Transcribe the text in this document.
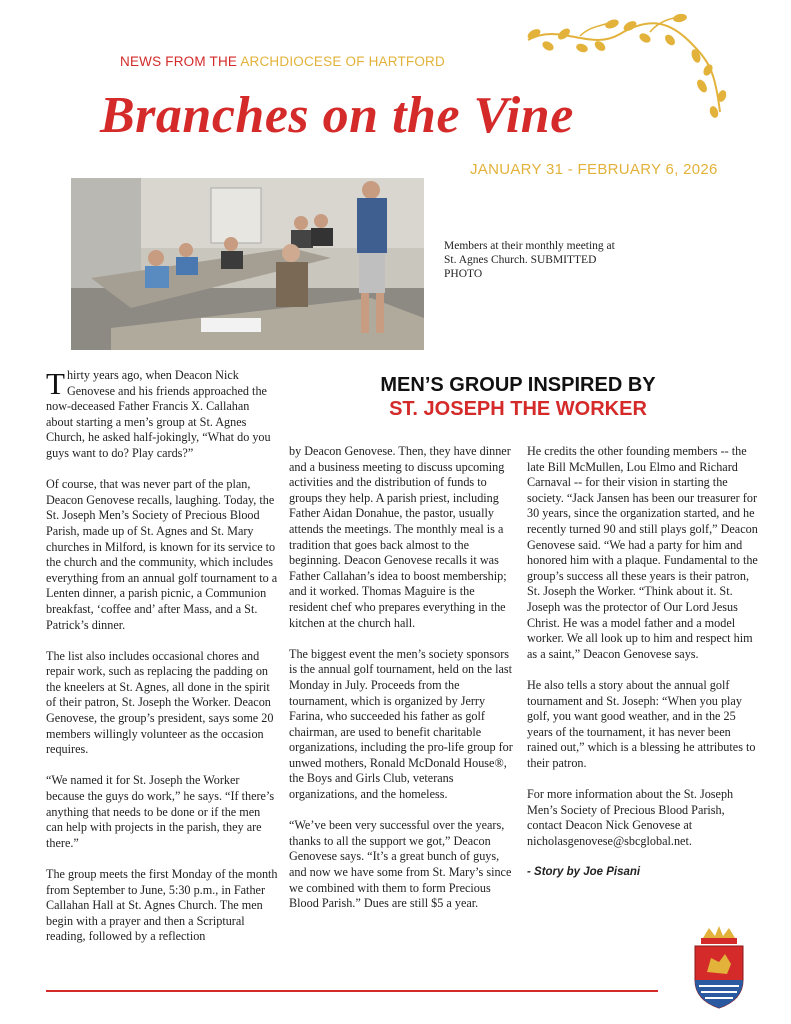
NEWS FROM THE ARCHDIOCESE OF HARTFORD
Branches on the Vine
JANUARY 31 - FEBRUARY 6, 2026
Members at their monthly meeting at St. Agnes Church. SUBMITTED PHOTO
MEN’S GROUP INSPIRED BY
ST. JOSEPH THE WORKER

Thirty years ago, when Deacon Nick Genovese and his friends approached the now-deceased Father Francis X. Callahan about starting a men’s group at St. Agnes Church, he asked half-jokingly, “What do you guys want to do? Play cards?”

Of course, that was never part of the plan, Deacon Genovese recalls, laughing. Today, the St. Joseph Men’s Society of Precious Blood Parish, made up of St. Agnes and St. Mary churches in Milford, is known for its service to the church and the community, which includes everything from an annual golf tournament to a Lenten dinner, a parish picnic, a Communion breakfast, ‘coffee and’ after Mass, and a St. Patrick’s dinner.

The list also includes occasional chores and repair work, such as replacing the padding on the kneelers at St. Agnes, all done in the spirit of their patron, St. Joseph the Worker. Deacon Genovese, the group’s president, says some 20 members willingly volunteer as the occasion requires.

“We named it for St. Joseph the Worker because the guys do work,” he says. “If there’s anything that needs to be done or if the men can help with projects in the parish, they are there.”

The group meets the first Monday of the month from September to June, 5:30 p.m., in Father Callahan Hall at St. Agnes Church. The men begin with a prayer and then a Scriptural reading, followed by a reflection

by Deacon Genovese. Then, they have dinner and a business meeting to discuss upcoming activities and the distribution of funds to groups they help. A parish priest, including Father Aidan Donahue, the pastor, usually attends the meetings. The monthly meal is a tradition that goes back almost to the beginning. Deacon Genovese recalls it was Father Callahan’s idea to boost membership; and it worked. Thomas Maguire is the resident chef who prepares everything in the kitchen at the church hall.

The biggest event the men’s society sponsors is the annual golf tournament, held on the last Monday in July. Proceeds from the tournament, which is organized by Jerry Farina, who succeeded his father as golf chairman, are used to benefit charitable organizations, including the pro-life group for unwed mothers, Ronald McDonald House®, the Boys and Girls Club, veterans organizations, and the homeless.

“We’ve been very successful over the years, thanks to all the support we got,” Deacon Genovese says. “It’s a great bunch of guys, and now we have some from St. Mary’s since we combined with them to form Precious Blood Parish.” Dues are still $5 a year.

He credits the other founding members -- the late Bill McMullen, Lou Elmo and Richard Carnaval -- for their vision in starting the society. “Jack Jansen has been our treasurer for 30 years, since the organization started, and he recently turned 90 and still plays golf,” Deacon Genovese said. “We had a party for him and honored him with a plaque. Fundamental to the group’s success all these years is their patron, St. Joseph the Worker. “Think about it. St. Joseph was the protector of Our Lord Jesus Christ. He was a model father and a model worker. We all look up to him and respect him as a saint,” Deacon Genovese says.

He also tells a story about the annual golf tournament and St. Joseph: “When you play golf, you want good weather, and in the 25 years of the tournament, it has never been rained out,” which is a blessing he attributes to their patron.

For more information about the St. Joseph Men’s Society of Precious Blood Parish, contact Deacon Nick Genovese at nicholasgenovese@sbcglobal.net.

- Story by Joe Pisani
